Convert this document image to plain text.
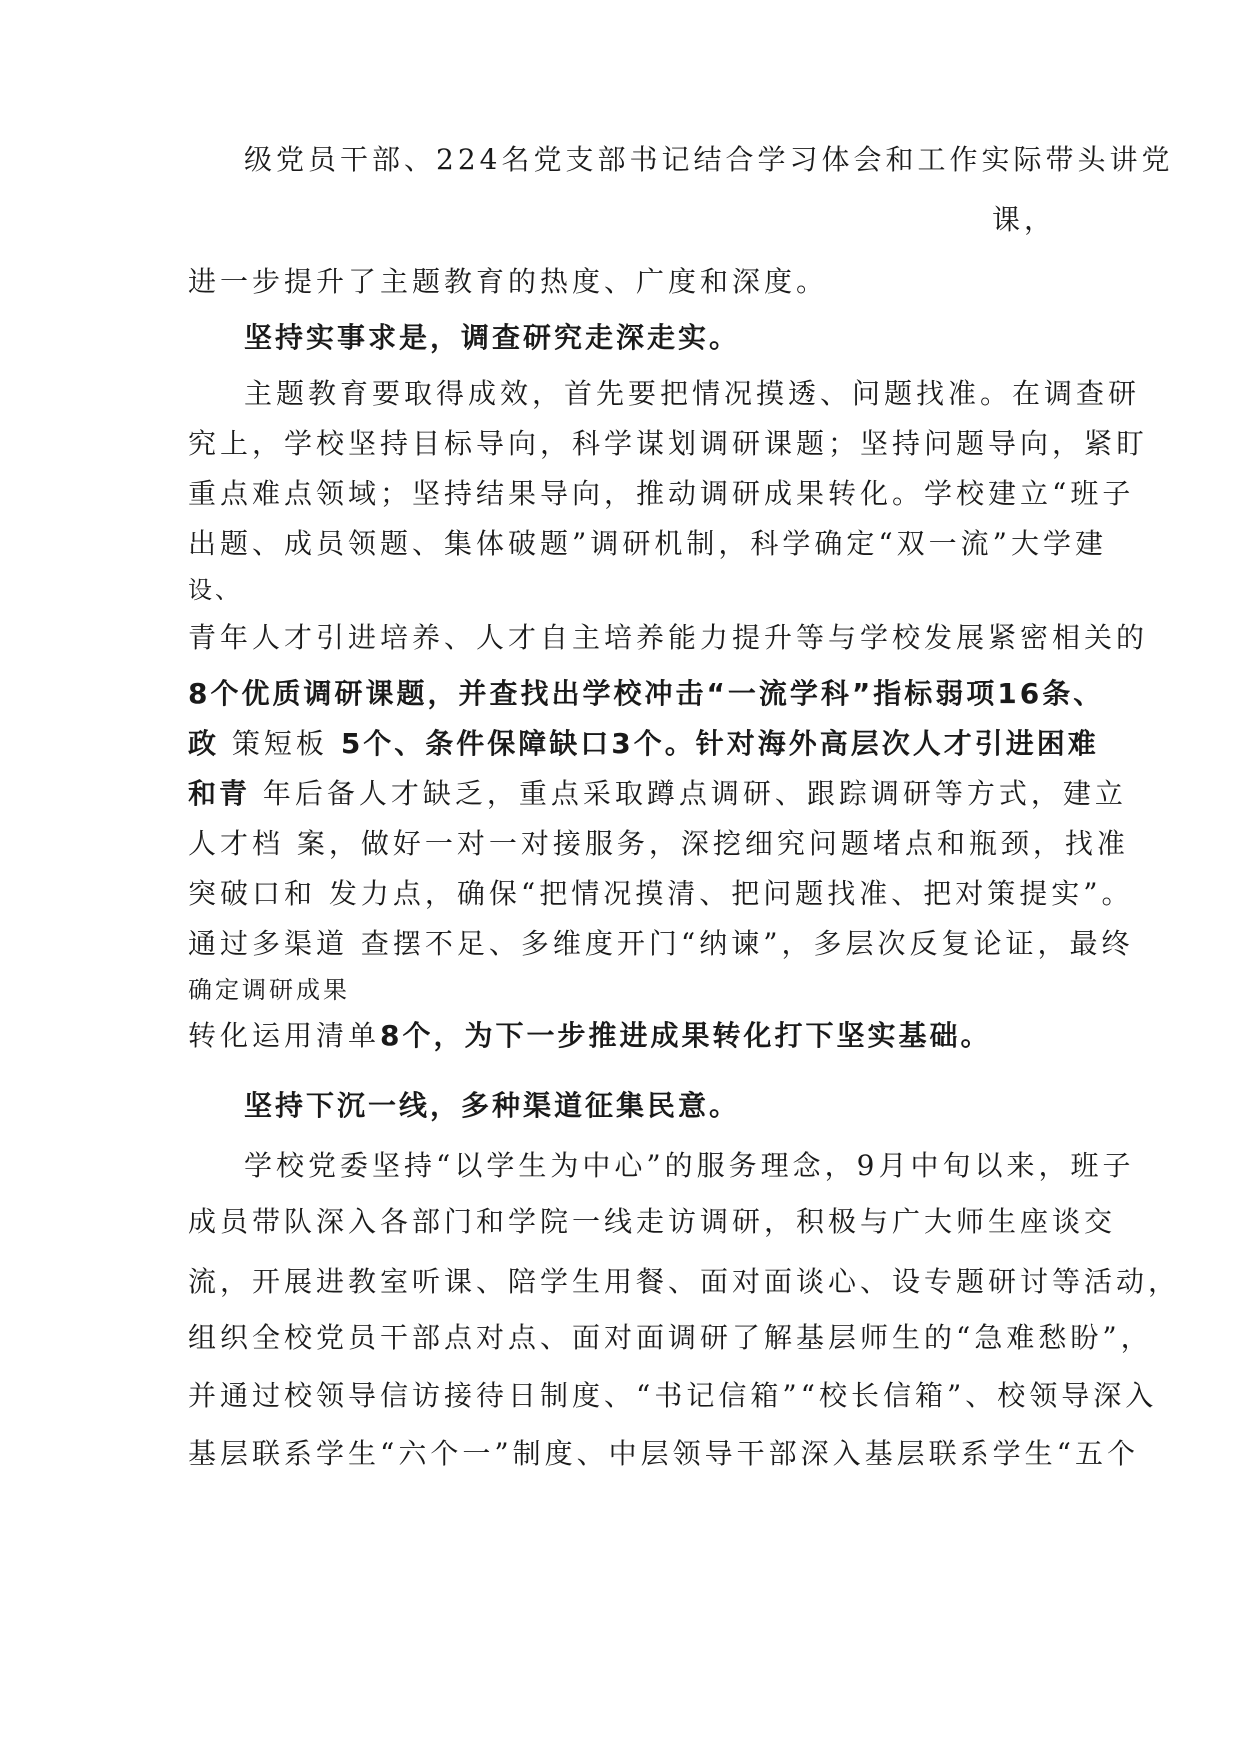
级党员干部、224名党支部书记结合学习体会和工作实际带头讲党
课，
进一步提升了主题教育的热度、广度和深度。
坚持实事求是，调查研究走深走实。
主题教育要取得成效，首先要把情况摸透、问题找准。在调查研
究上，学校坚持目标导向，科学谋划调研课题；坚持问题导向，紧盯
重点难点领域；坚持结果导向，推动调研成果转化。学校建立“班子
出题、成员领题、集体破题”调研机制，科学确定“双一流”大学建
设、
青年人才引进培养、人才自主培养能力提升等与学校发展紧密相关的
8个优质调研课题，并查找出学校冲击“一流学科”指标弱项16条、
政 策短板 5个、条件保障缺口3个。针对海外高层次人才引进困难
和青 年后备人才缺乏，重点采取蹲点调研、跟踪调研等方式，建立
人才档 案，做好一对一对接服务，深挖细究问题堵点和瓶颈，找准
突破口和 发力点，确保“把情况摸清、把问题找准、把对策提实”。
通过多渠道 查摆不足、多维度开门“纳谏”，多层次反复论证，最终
确定调研成果
转化运用清单8个，为下一步推进成果转化打下坚实基础。
坚持下沉一线，多种渠道征集民意。
学校党委坚持“以学生为中心”的服务理念，9月中旬以来，班子
成员带队深入各部门和学院一线走访调研，积极与广大师生座谈交
流，开展进教室听课、陪学生用餐、面对面谈心、设专题研讨等活动，
组织全校党员干部点对点、面对面调研了解基层师生的“急难愁盼”，
并通过校领导信访接待日制度、“书记信箱”“校长信箱”、校领导深入
基层联系学生“六个一”制度、中层领导干部深入基层联系学生“五个
